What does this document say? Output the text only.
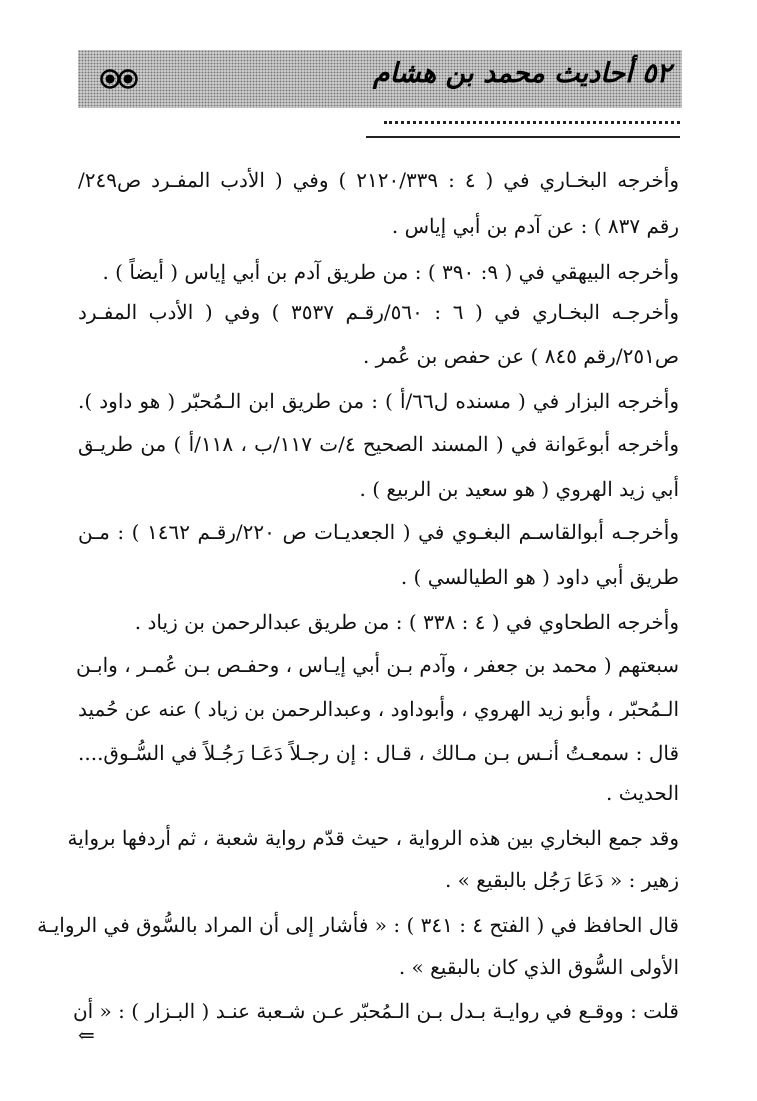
٥٢ أحاديث محمد بن هشام
وأخرجه البخـاري في ( ٤ : ٢١٢٠/٣٣٩ ) وفي ( الأدب المفـرد ص٢٤٩/
رقم ٨٣٧ ) : عن آدم بن أبي إياس .
وأخرجه البيهقي في ( ٩: ٣٩٠ ) : من طريق آدم بن أبي إياس ( أيضاً ) .
وأخرجـه البخـاري في ( ٦ : ٥٦٠/رقـم ٣٥٣٧ ) وفي ( الأدب المفـرد
ص٢٥١/رقم ٨٤٥ ) عن حفص بن عُمر .
وأخرجه البزار في ( مسنده ل٦٦/أ ) : من طريق ابن الـمُحبّر ( هو داود ).
وأخرجه أبوعَوانة في ( المسند الصحيح ٤/ت ١١٧/ب ، ١١٨/أ ) من طريـق
أبي زيد الهروي ( هو سعيد بن الربيع ) .
وأخرجـه أبوالقاسـم البغـوي في ( الجعديـات ص ٢٢٠/رقـم ١٤٦٢ ) : مـن
طريق أبي داود ( هو الطيالسي ) .
وأخرجه الطحاوي في ( ٤ : ٣٣٨ ) : من طريق عبدالرحمن بن زياد .
سبعتهم ( محمد بن جعفر ، وآدم بـن أبي إيـاس ، وحفـص بـن عُمـر ، وابـن
الـمُحبّر ، وأبو زيد الهروي ، وأبوداود ، وعبدالرحمن بن زياد ) عنه عن حُميد
قال : سمعـتُ أنـس بـن مـالك ، قـال : إن رجـلاً دَعَـا رَجُـلاً في السُّـوق....
الحديث .
وقد جمع البخاري بين هذه الرواية ، حيث قدّم رواية شعبة ، ثم أردفها برواية
زهير : « دَعَا رَجُل بالبقيع » .
قال الحافظ في ( الفتح ٤ : ٣٤١ ) : « فأشار إلى أن المراد بالسُّوق في الروايـة
الأولى السُّوق الذي كان بالبقيع » .
قلت : ووقـع في روايـة بـدل بـن الـمُحبّر عـن شـعبة عنـد ( البـزار ) : « أن
⇐
